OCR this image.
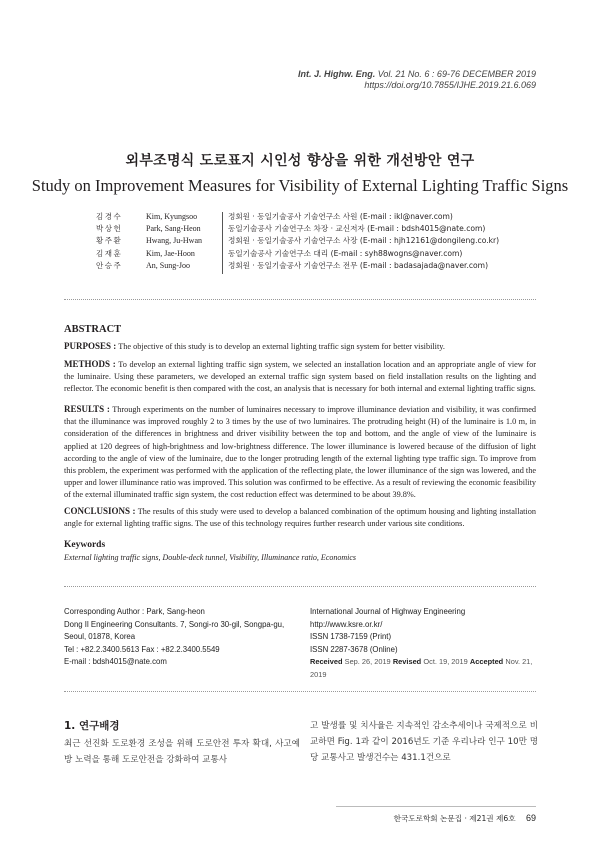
Int. J. Highw. Eng. Vol. 21 No. 6 : 69-76 DECEMBER 2019
https://doi.org/10.7855/IJHE.2019.21.6.069
외부조명식 도로표지 시인성 향상을 위한 개선방안 연구
Study on Improvement Measures for Visibility of External Lighting Traffic Signs
김경수	Kim, Kyungsoo	정회원 · 동일기술공사 기술연구소 사원 (E-mail : ikl@naver.com)
박상헌	Park, Sang-Heon	동일기술공사 기술연구소 차장 · 교신저자 (E-mail : bdsh4015@nate.com)
황주환	Hwang, Ju-Hwan	정회원 · 동일기술공사 기술연구소 사장 (E-mail : hjh12161@dongileng.co.kr)
김재훈	Kim, Jae-Hoon	동일기술공사 기술연구소 대리 (E-mail : syh88wogns@naver.com)
안승주	An, Sung-Joo	정회원 · 동일기술공사 기술연구소 전무 (E-mail : badasajada@naver.com)
ABSTRACT
PURPOSES : The objective of this study is to develop an external lighting traffic sign system for better visibility.
METHODS : To develop an external lighting traffic sign system, we selected an installation location and an appropriate angle of view for the luminaire. Using these parameters, we developed an external traffic sign system based on field installation results on the lighting and reflector. The economic benefit is then compared with the cost, an analysis that is necessary for both internal and external lighting traffic signs.
RESULTS : Through experiments on the number of luminaires necessary to improve illuminance deviation and visibility, it was confirmed that the illuminance was improved roughly 2 to 3 times by the use of two luminaires. The protruding height (H) of the luminaire is 1.0 m, in consideration of the differences in brightness and driver visibility between the top and bottom, and the angle of view of the luminaire is applied at 120 degrees of high-brightness and low-brightness difference. The lower illuminance is lowered because of the diffusion of light according to the angle of view of the luminaire, due to the longer protruding length of the external lighting type traffic sign. To improve from this problem, the experiment was performed with the application of the reflecting plate, the lower illuminance of the sign was lowered, and the upper and lower illuminance ratio was improved. This solution was confirmed to be effective. As a result of reviewing the economic feasibility of the external illuminated traffic sign system, the cost reduction effect was determined to be about 39.8%.
CONCLUSIONS : The results of this study were used to develop a balanced combination of the optimum housing and lighting installation angle for external lighting traffic signs. The use of this technology requires further research under various site conditions.
Keywords
External lighting traffic signs, Double-deck tunnel, Visibility, Illuminance ratio, Economics
Corresponding Author : Park, Sang-heon
Dong Il Engineering Consultants. 7, Songi-ro 30-gil, Songpa-gu,
Seoul, 01878, Korea
Tel : +82.2.3400.5613 Fax : +82.2.3400.5549
E-mail : bdsh4015@nate.com
International Journal of Highway Engineering
http://www.ksre.or.kr/
ISSN 1738-7159 (Print)
ISSN 2287-3678 (Online)
Received Sep. 26, 2019 Revised Oct. 19, 2019 Accepted Nov. 21, 2019
1. 연구배경
최근 선진화 도로환경 조성을 위해 도로안전 투자 확대, 사고예방 노력을 통해 도로안전을 강화하여 교통사
고 발생률 및 치사율은 지속적인 감소추세이나 국제적으로 비교하면 Fig. 1과 같이 2016년도 기준 우리나라 인구 10만 명당 교통사고 발생건수는 431.1건으로
한국도로학회 논문집 · 제21권 제6호 69
